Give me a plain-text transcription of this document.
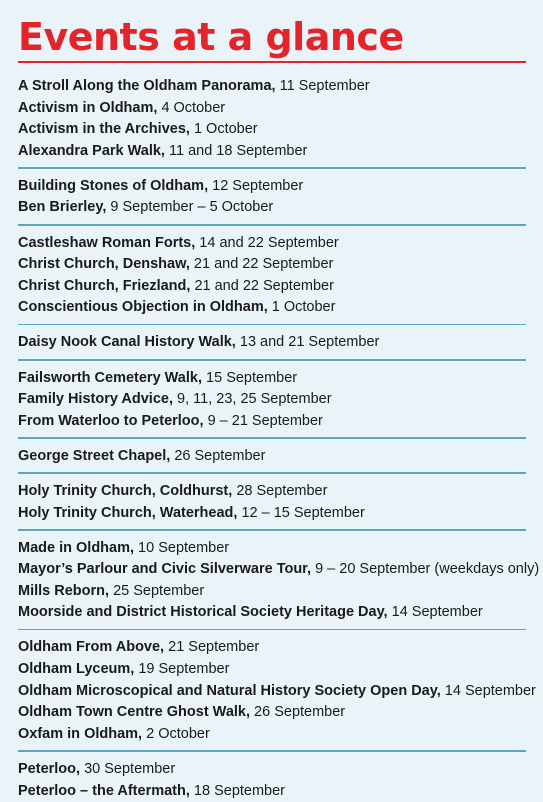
Events at a glance
A Stroll Along the Oldham Panorama, 11 September
Activism in Oldham, 4 October
Activism in the Archives, 1 October
Alexandra Park Walk, 11 and 18 September
Building Stones of Oldham, 12 September
Ben Brierley, 9 September – 5 October
Castleshaw Roman Forts, 14 and 22 September
Christ Church, Denshaw, 21 and 22 September
Christ Church, Friezland, 21 and 22 September
Conscientious Objection in Oldham, 1 October
Daisy Nook Canal History Walk, 13 and 21 September
Failsworth Cemetery Walk, 15 September
Family History Advice, 9, 11, 23, 25 September
From Waterloo to Peterloo, 9 – 21 September
George Street Chapel, 26 September
Holy Trinity Church, Coldhurst, 28 September
Holy Trinity Church, Waterhead, 12 – 15 September
Made in Oldham, 10 September
Mayor’s Parlour and Civic Silverware Tour, 9 – 20 September (weekdays only)
Mills Reborn, 25 September
Moorside and District Historical Society Heritage Day, 14 September
Oldham From Above, 21 September
Oldham Lyceum, 19 September
Oldham Microscopical and Natural History Society Open Day, 14 September
Oldham Town Centre Ghost Walk, 26 September
Oxfam in Oldham, 2 October
Peterloo, 30 September
Peterloo – the Aftermath, 18 September
